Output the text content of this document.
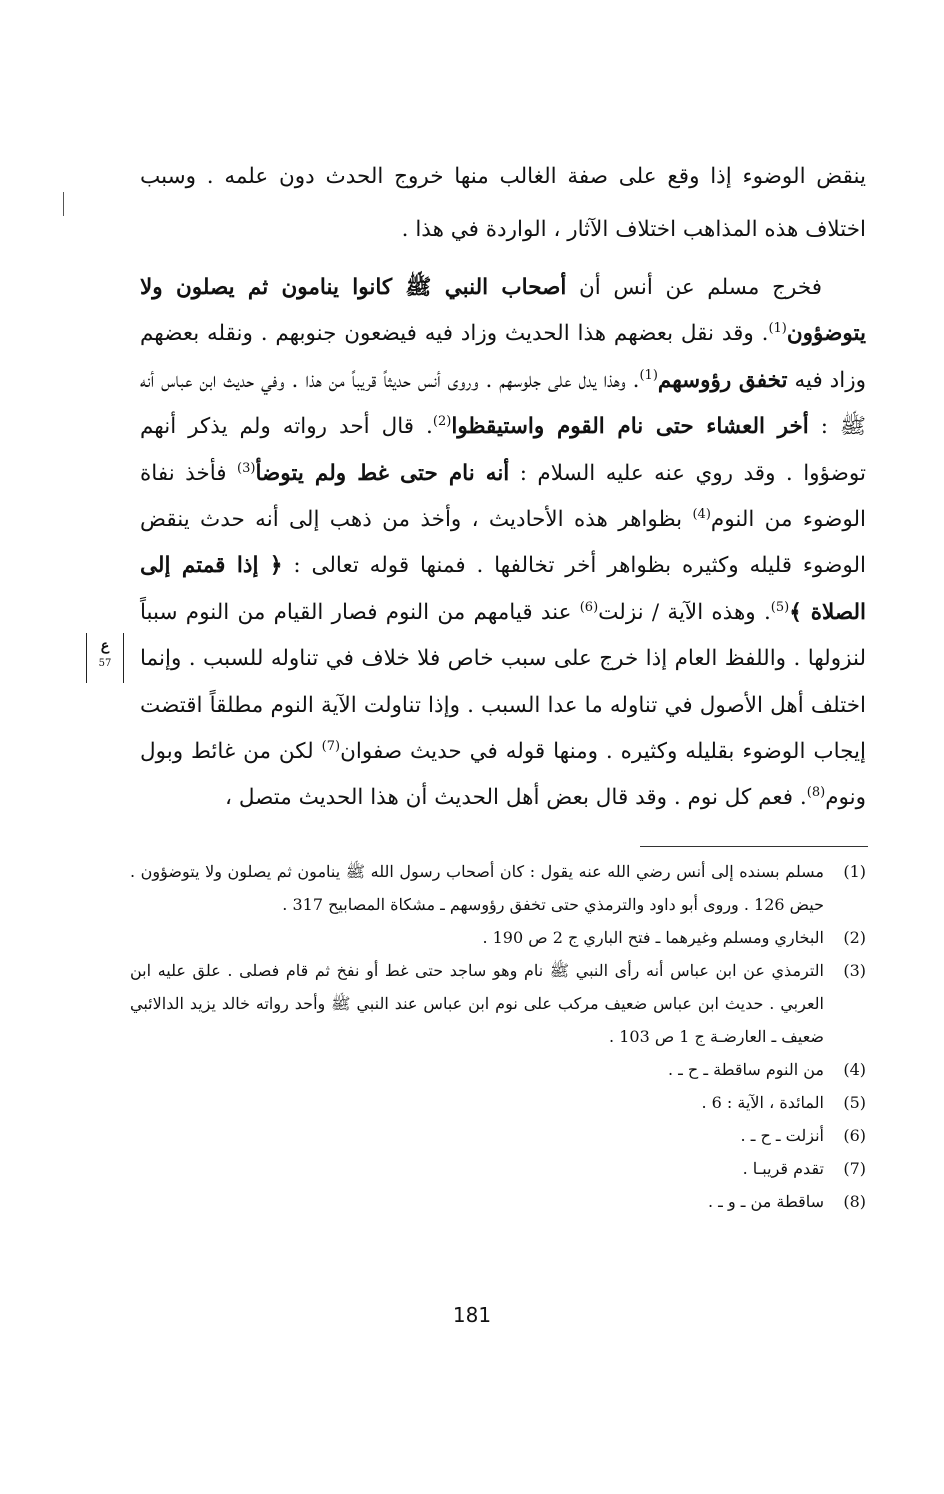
ينقض الوضوء إذا وقع على صفة الغالب منها خروج الحدث دون علمه . وسبب اختلاف هذه المذاهب اختلاف الآثار ، الواردة في هذا .
فخرج مسلم عن أنس أن أصحاب النبي ﷺ كانوا ينامون ثم يصلون ولا يتوضؤون$^{(1)}$. وقد نقل بعضهم هذا الحديث وزاد فيه فيضعون جنوبهم . ونقله بعضهم وزاد فيه تخفق رؤوسهم$^{(1)}$. وهذا يدل على جلوسهم . وروى أنس حديثاً قريباً من هذا . وفي حديث ابن عباس أنه ﷺ : أخر العشاء حتى نام القوم واستيقظوا$^{(2)}$. قال أحد رواته ولم يذكر أنهم توضؤوا . وقد روي عنه عليه السلام : أنه نام حتى غط ولم يتوضأ$^{(3)}$ فأخذ نفاة الوضوء من النوم$^{(4)}$ بظواهر هذه الأحاديث ، وأخذ من ذهب إلى أنه حدث ينقض الوضوء قليله وكثيره بظواهر أخر تخالفها . فمنها قوله تعالى : ﴿ إذا قمتم إلى الصلاة ﴾$^{(5)}$. وهذه الآية / نزلت$^{(6)}$ عند قيامهم من النوم فصار القيام من النوم سبباً لنزولها . واللفظ العام إذا خرج على سبب خاص فلا خلاف في تناوله للسبب . وإنما اختلف أهل الأصول في تناوله ما عدا السبب . وإذا تناولت الآية النوم مطلقاً اقتضت إيجاب الوضوء بقليله وكثيره . ومنها قوله في حديث صفوان$^{(7)}$ لكن من غائط وبول ونوم$^{(8)}$. فعم كل نوم . وقد قال بعض أهل الحديث أن هذا الحديث متصل ،
ع
57
(1)
مسلم بسنده إلى أنس رضي الله عنه يقول : كان أصحاب رسول الله ﷺ ينامون ثم يصلون ولا يتوضؤون . حيض 126 . وروى أبو داود والترمذي حتى تخفق رؤوسهم ـ مشكاة المصابيح 317 .
(2)
البخاري ومسلم وغيرهما ـ فتح الباري ج 2 ص 190 .
(3)
الترمذي عن ابن عباس أنه رأى النبي ﷺ نام وهو ساجد حتى غط أو نفخ ثم قام فصلى . علق عليه ابن العربي . حديث ابن عباس ضعيف مركب على نوم ابن عباس عند النبي ﷺ وأحد رواته خالد يزيد الدالائبي ضعيف ـ العارضـة ج 1 ص 103 .
(4)
من النوم ساقطة ـ ح ـ .
(5)
المائدة ، الآية : 6 .
(6)
أنزلت ـ ح ـ .
(7)
تقدم قريبـا .
(8)
ساقطة من ـ و ـ .
181
